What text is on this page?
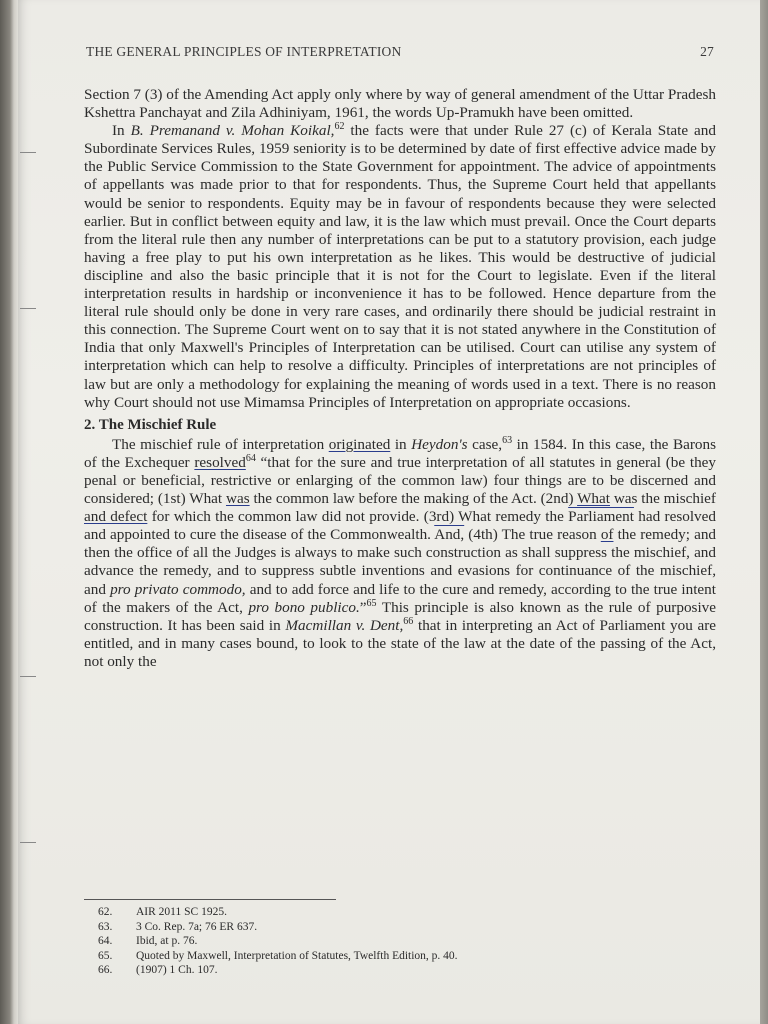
THE GENERAL PRINCIPLES OF INTERPRETATION	27

Section 7 (3) of the Amending Act apply only where by way of general amendment of the Uttar Pradesh Kshettra Panchayat and Zila Adhiniyam, 1961, the words Up-Pramukh have been omitted.

In B. Premanand v. Mohan Koikal,$^{62}$ the facts were that under Rule 27 (c) of Kerala State and Subordinate Services Rules, 1959 seniority is to be determined by date of first effective advice made by the Public Service Commission to the State Government for appointment. The advice of appointments of appellants was made prior to that for respondents. Thus, the Supreme Court held that appellants would be senior to respondents. Equity may be in favour of respondents because they were selected earlier. But in conflict between equity and law, it is the law which must prevail. Once the Court departs from the literal rule then any number of interpretations can be put to a statutory provision, each judge having a free play to put his own interpretation as he likes. This would be destructive of judicial discipline and also the basic principle that it is not for the Court to legislate. Even if the literal interpretation results in hardship or inconvenience it has to be followed. Hence departure from the literal rule should only be done in very rare cases, and ordinarily there should be judicial restraint in this connection. The Supreme Court went on to say that it is not stated anywhere in the Constitution of India that only Maxwell's Principles of Interpretation can be utilised. Court can utilise any system of interpretation which can help to resolve a difficulty. Principles of interpretations are not principles of law but are only a methodology for explaining the meaning of words used in a text. There is no reason why Court should not use Mimamsa Principles of Interpretation on appropriate occasions.

2. The Mischief Rule

The mischief rule of interpretation originated in Heydon's case,$^{63}$ in 1584. In this case, the Barons of the Exchequer resolved$^{64}$ “that for the sure and true interpretation of all statutes in general (be they penal or beneficial, restrictive or enlarging of the common law) four things are to be discerned and considered; (1st) What was the common law before the making of the Act. (2nd) What was the mischief and defect for which the common law did not provide. (3rd) What remedy the Parliament had resolved and appointed to cure the disease of the Commonwealth. And, (4th) The true reason of the remedy; and then the office of all the Judges is always to make such construction as shall suppress the mischief, and advance the remedy, and to suppress subtle inventions and evasions for continuance of the mischief, and pro privato commodo, and to add force and life to the cure and remedy, according to the true intent of the makers of the Act, pro bono publico.”$^{65}$ This principle is also known as the rule of purposive construction. It has been said in Macmillan v. Dent,$^{66}$ that in interpreting an Act of Parliament you are entitled, and in many cases bound, to look to the state of the law at the date of the passing of the Act, not only the

62.	AIR 2011 SC 1925.
63.	3 Co. Rep. 7a; 76 ER 637.
64.	Ibid, at p. 76.
65.	Quoted by Maxwell, Interpretation of Statutes, Twelfth Edition, p. 40.
66.	(1907) 1 Ch. 107.
